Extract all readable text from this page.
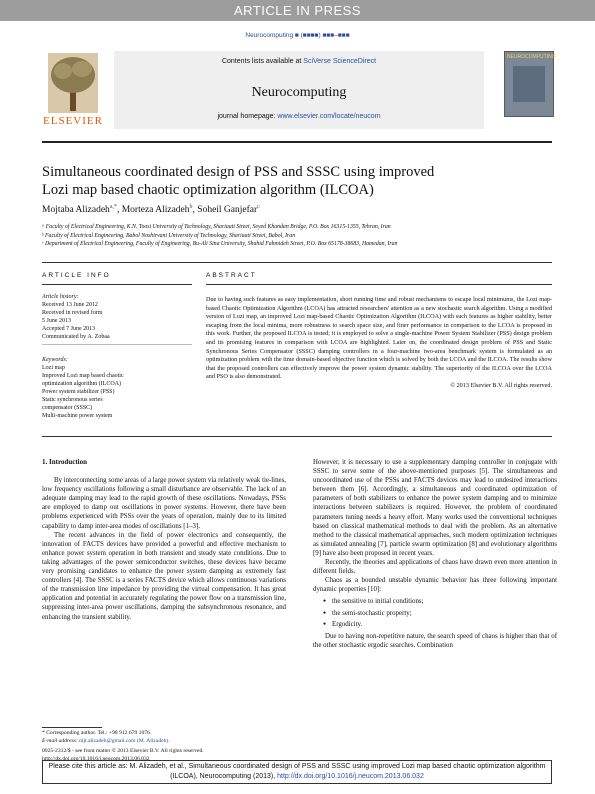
ARTICLE IN PRESS
Neurocomputing ■ (■■■■) ■■■–■■■
ELSEVIER
Contents lists available at SciVerse ScienceDirect
Neurocomputing
journal homepage: www.elsevier.com/locate/neucom
NEUROCOMPUTING
Simultaneous coordinated design of PSS and SSSC using improved
Lozi map based chaotic optimization algorithm (ILCOA)
Mojtaba Alizadeh$^{a,*}$, Morteza Alizadeh$^b$, Soheil Ganjefar$^c$
ᵃ Faculty of Electrical Engineering, K.N. Toosi University of Technology, Shariaati Street, Seyed Khandan Bridge, P.O. Box 16315-1355, Tehran, Iran
ᵇ Faculty of Electrical Engineering, Babol Noshirvani University of Technology, Shariaati Street, Babol, Iran
ᶜ Department of Electrical Engineering, Faculty of Engineering, Bu-Ali Sina University, Shahid Fahmideh Street, P.O. Box 65178-38683, Hamedan, Iran
ARTICLE INFO	ABSTRACT
Article history:
Received 13 June 2012
Received in revised form
5 June 2013
Accepted 7 June 2013
Communicated by A. Zobaa
Keywords:
Lozi map
Improved Lozi map based chaotic
optimization algorithm (ILCOA)
Power system stabilizer (PSS)
Static synchronous series
compensator (SSSC)
Multi-machine power system
Due to having such features as easy implementation, short running time and robust mechanisms to escape local minimums, the Lozi map-based Chaotic Optimization Algorithm (LCOA) has attracted researchers' attention as a new stochastic search algorithm. Using a modified version of Lozi map, an improved Lozi map-based Chaotic Optimization Algorithm (ILCOA) with such features as higher stability, better escaping from the local minima, more robustness to search space size, and finer performance in comparison to the LCOA is proposed in this work. Further, the proposed ILCOA is tested; it is employed to solve a single-machine Power System Stabilizer (PSS) design problem and its promising features in comparison with LCOA are highlighted. Later on, the coordinated design problem of PSS and Static Synchronous Series Compensator (SSSC) damping controllers in a four-machine two-area benchmark system is formulated as an optimization problem with the time domain-based objective function which is solved by both the LCOA and the ILCOA. The results show that the proposed controllers can effectively improve the power system dynamic stability. The superiority of the ILCOA over the LCOA and PSO is also demonstrated.
© 2013 Elsevier B.V. All rights reserved.
1. Introduction

By interconnecting some areas of a large power system via relatively weak tie-lines, low frequency oscillations following a small disturbance are observable. The lack of an adequate damping may lead to the rapid growth of these oscillations. Nowadays, PSSs are employed to damp out oscillations in power systems. However, there have been problems experienced with PSSs over the years of operation, mainly due to its limited capability to damp inter-area modes of oscillations [1–3].

The recent advances in the field of power electronics and consequently, the innovation of FACTS devices have provided a powerful and effective mechanism to enhance power system operation in both transient and steady state conditions. Due to taking advantages of the power semiconductor switches, these devices have became very promising candidates to enhance the power system damping as extremely fast controllers [4]. The SSSC is a series FACTS device which allows continuous variations of the transmission line impedance by providing the virtual compensation. It has great application and potential in accurately regulating the power flow on a transmission line, suppressing inter-area power oscillations, damping the subsynchronous resonance, and enhancing the transient stability.

However, it is necessary to use a supplementary damping controller in conjugate with SSSC to serve some of the above-mentioned purposes [5]. The simultaneous and uncoordinated use of the PSSs and FACTS devices may lead to undesired interactions between them [6]. Accordingly, a simultaneous and coordinated optimization of parameters of both stabilizers to enhance the power system damping and to minimize interactions between stabilizers is required. However, the problem of coordinated parameters tuning needs a heavy effort. Many works used the conventional techniques based on classical mathematical methods to deal with the problem. As an alternative method to the classical mathematical approaches, such modern optimization techniques as simulated annealing [7], particle swarm optimization [8] and evolutionary algorithms [9] have also been proposed in recent years.

Recently, the theories and applications of chaos have drawn even more attention in different fields.

Chaos as a bounded unstable dynamic behavior has three following important dynamic properties [10]:

● the sensitive to initial conditions;
● the semi-stochastic property;
● Ergodicity.

Due to having non-repetitive nature, the search speed of chaos is higher than that of the other stochastic ergodic searches. Combination

* Corresponding author. Tel.: +98 912 679 1076.
E-mail address: mjt.alizadeh@gmail.com (M. Alizadeh).
0925-2312/$ - see front matter © 2013 Elsevier B.V. All rights reserved.
http://dx.doi.org/10.1016/j.neucom.2013.06.032
Please cite this article as: M. Alizadeh, et al., Simultaneous coordinated design of PSS and SSSC using improved Lozi map based chaotic optimization algorithm (ILCOA), Neurocomputing (2013), http://dx.doi.org/10.1016/j.neucom.2013.06.032
